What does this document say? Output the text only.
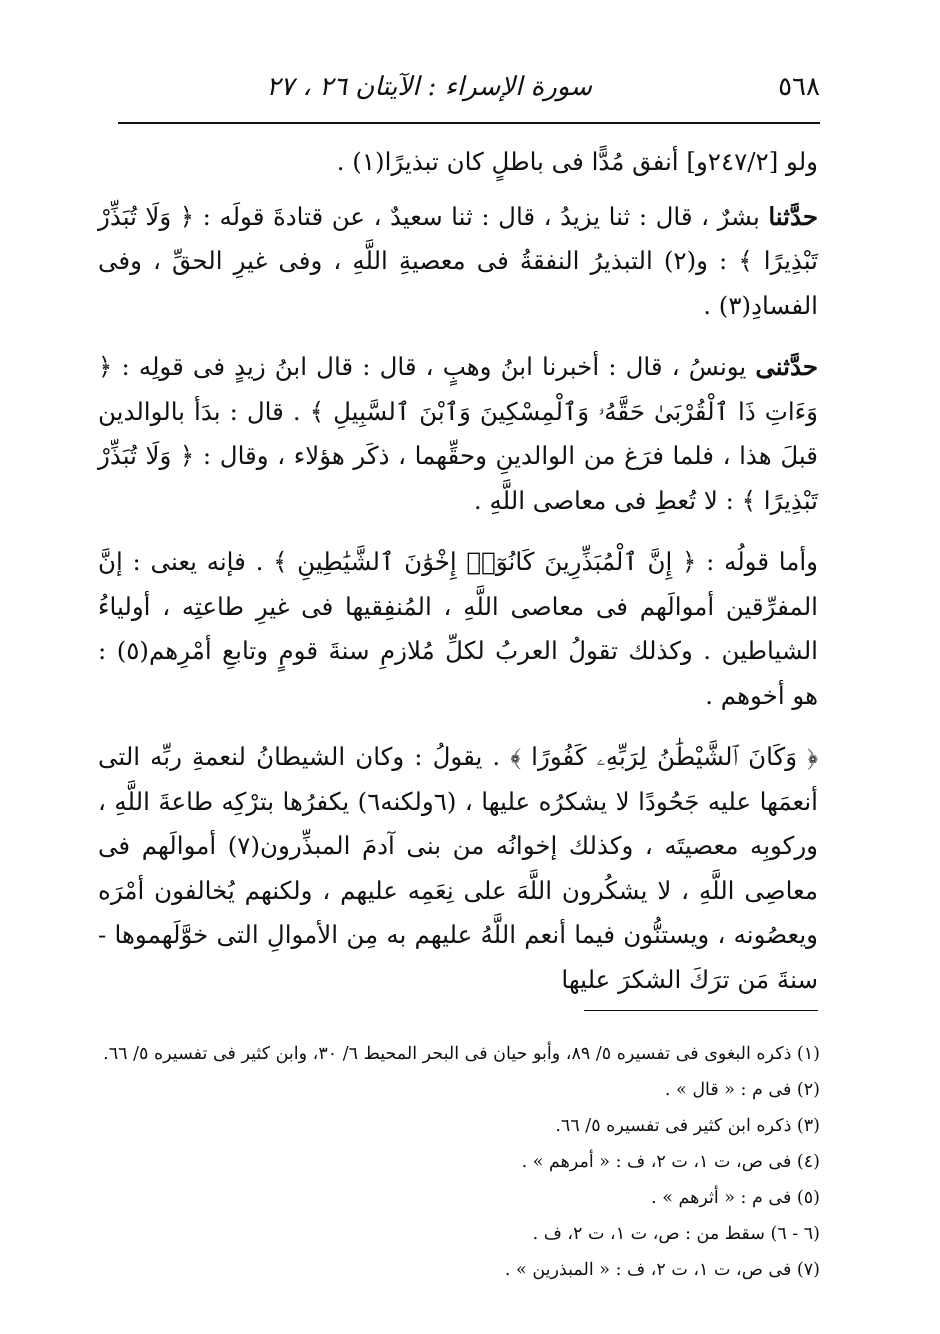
٥٦٨
سورة الإسراء : الآيتان ٢٦ ، ٢٧

ولو [٢٤٧/٢و] أنفق مُدًّا فى باطلٍ كان تبذيرًا(١) .

حدَّثنا بشرٌ ، قال : ثنا يزيدُ ، قال : ثنا سعيدٌ ، عن قتادةَ قولَه : ﴿ وَلَا تُبَذِّرْ تَبْذِيرًا ﴾ : و(٢) التبذيرُ النفقةُ فى معصيةِ اللَّهِ ، وفى غيرِ الحقِّ ، وفى الفسادِ(٣) .

حدَّثنى يونسُ ، قال : أخبرنا ابنُ وهبٍ ، قال : قال ابنُ زيدٍ فى قولِه : ﴿ وَءَاتِ ذَا ٱلْقُرْبَىٰ حَقَّهُۥ وَٱلْمِسْكِينَ وَٱبْنَ ٱلسَّبِيلِ ﴾ . قال : بدَأ بالوالدين قبلَ هذا ، فلما فرَغ من الوالدينِ وحقِّهما ، ذكَر هؤلاء ، وقال : ﴿ وَلَا تُبَذِّرْ تَبْذِيرًا ﴾ : لا تُعطِ فى معاصى اللَّهِ .

وأما قولُه : ﴿ إِنَّ ٱلْمُبَذِّرِينَ كَانُوٓا۟ إِخْوَٰنَ ٱلشَّيَٰطِينِ ﴾ . فإنه يعنى : إنَّ المفرِّقين أموالَهم فى معاصى اللَّهِ ، المُنفِقيها فى غيرِ طاعتِه ، أولياءُ الشياطين . وكذلك تقولُ العربُ لكلِّ مُلازمِ سنةَ قومٍ وتابعِ أمْرِهم(٥) : هو أخوهم .

﴿ وَكَانَ ٱلشَّيْطَٰنُ لِرَبِّهِۦ كَفُورًا ﴾ . يقولُ : وكان الشيطانُ لنعمةِ ربِّه التى أنعمَها عليه جَحُودًا لا يشكرُه عليها ، (٦ولكنه٦) يكفرُها بترْكِه طاعةَ اللَّهِ ، وركوبِه معصيتَه ، وكذلك إخوانُه من بنى آدمَ المبذِّرون(٧) أموالَهم فى معاصِى اللَّهِ ، لا يشكُرون اللَّهَ على نِعَمِه عليهم ، ولكنهم يُخالفون أمْرَه ويعصُونه ، ويستنُّون فيما أنعم اللَّهُ عليهم به مِن الأموالِ التى خوَّلَهموها - سنةَ مَن ترَكَ الشكرَ عليها

(١) ذكره البغوى فى تفسيره ٥/ ٨٩، وأبو حيان فى البحر المحيط ٦/ ٣٠، وابن كثير فى تفسيره ٥/ ٦٦.

(٢) فى م : « قال » .

(٣) ذكره ابن كثير فى تفسيره ٥/ ٦٦.

(٤) فى ص، ت ١، ت ٢، ف : « أمرهم » .

(٥) فى م : « أثرهم » .

(٦ - ٦) سقط من : ص، ت ١، ت ٢، ف .

(٧) فى ص، ت ١، ت ٢، ف : « المبذرين » .
